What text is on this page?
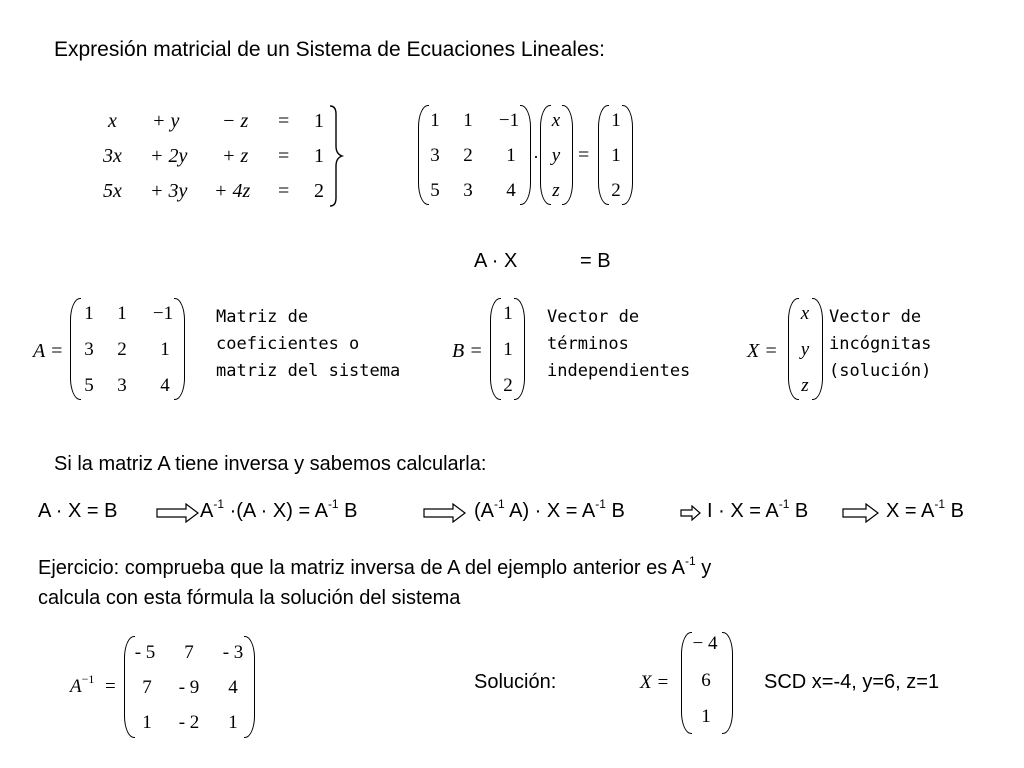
Expresión matricial de un Sistema de Ecuaciones Lineales:
x + y − z = 1
3x + 2y + z = 1
5x + 3y + 4z = 2
1	1	−1
3	2	1
5	3	4
·
x
y
z
=
1
1
2
A · X	= B
A =
1	1	−1
3	2	1
5	3	4
Matriz de
coeficientes o
matriz del sistema
B =
1
1
2
Vector de
términos
independientes
X =
x
y
z
Vector de
incógnitas
(solución)
Si la matriz A tiene inversa y sabemos calcularla:
A · X = B	$A^{-1} \cdot(A \cdot X) = A^{-1}$ B	($A^{-1}$ $A) \cdot X = A^{-1}$ B	$I \cdot X = A^{-1}$ B	$X = A^{-1}$ B
Ejercicio: comprueba que la matriz inversa de A del ejemplo anterior es $A^{-1}$ y
calcula con esta fórmula la solución del sistema
$A^{-1}$ =
- 5	7	- 3
7	- 9	4
1	- 2	1
Solución:	X =
− 4
6
1
SCD x=-4, y=6, z=1
